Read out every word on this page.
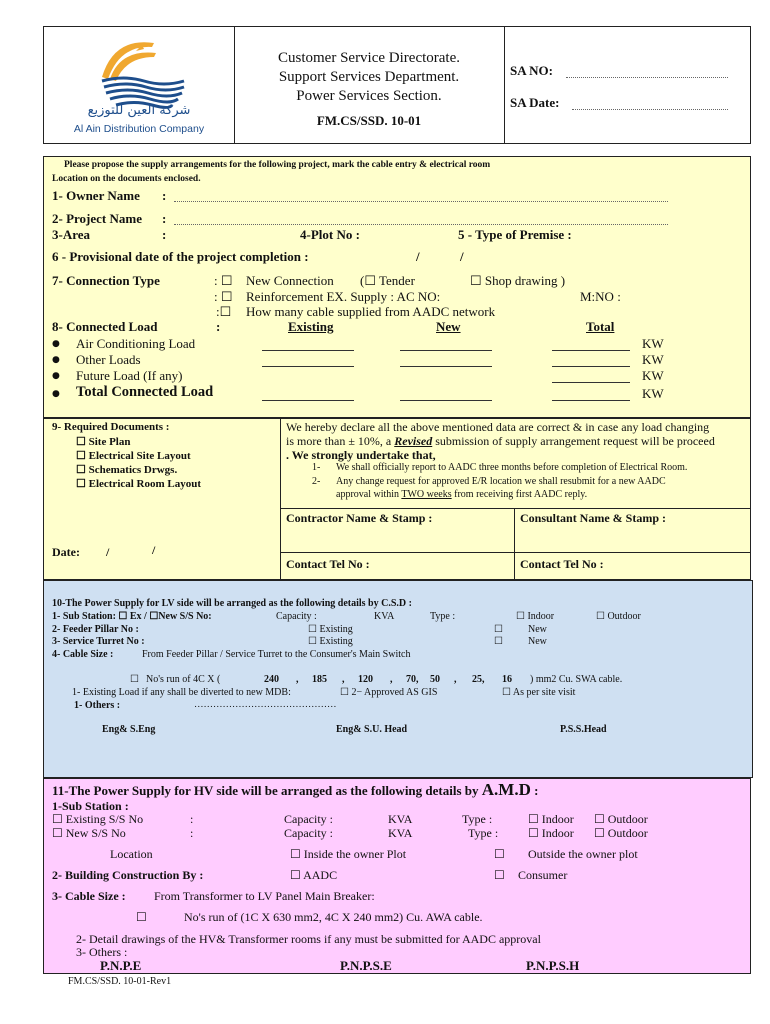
شركة العين للتوزيع
Al Ain Distribution Company
Customer Service Directorate.
Support Services Department.
Power Services Section.
FM.CS/SSD. 10-01
SA NO:
SA Date:
Please propose the supply arrangements for the following project, mark the cable entry & electrical room
Location on the documents enclosed.
1- Owner Name :
2- Project Name :
3-Area	:	4-Plot No :	5 - Type of Premise :
6 - Provisional date of the project completion :	/	/
7- Connection Type	: ☐ New Connection (☐ Tender	☐ Shop drawing )
: ☐ Reinforcement EX. Supply : AC NO:	M:NO :
:☐ How many cable supplied from AADC network
8- Connected Load	:	Existing	New	Total
● Air Conditioning Load	KW
● Other Loads	KW
● Future Load (If any)	KW
● Total Connected Load	KW
9- Required Documents :
☐ Site Plan
☐ Electrical Site Layout
☐ Schematics Drwgs.
☐ Electrical Room Layout
We hereby declare all the above mentioned data are correct & in case any load changing
is more than ± 10%, a Revised submission of supply arrangement request will be proceed
. We strongly undertake that,
1- We shall officially report to AADC three months before completion of Electrical Room.
2- Any change request for approved E/R location we shall resubmit for a new AADC
approval within TWO weeks from receiving first AADC reply.
Contractor Name & Stamp :	Consultant Name & Stamp :
Date: /	/
Contact Tel No :	Contact Tel No :
10-The Power Supply for LV side will be arranged as the following details by C.S.D :
1- Sub Station: ☐ Ex / ☐New S/S No:	Capacity :	KVA	Type :	☐ Indoor	☐ Outdoor
2- Feeder Pillar No :	☐ Existing	☐	New
3- Service Turret No :	☐ Existing	☐	New
4- Cable Size :	From Feeder Pillar / Service Turret to the Consumer's Main Switch
☐ No's run of 4C X (	240 , 185 , 120 , 70, 50 , 25, 16 ) mm2 Cu. SWA cable.
1- Existing Load if any shall be diverted to new MDB:	☐ 2− Approved AS GIS	☐ As per site visit
1- Others :	………………………………………
Eng& S.Eng	Eng& S.U. Head	P.S.S.Head
11-The Power Supply for HV side will be arranged as the following details by A.M.D :
1-Sub Station :
☐ Existing S/S No	:	Capacity :	KVA	Type :	☐ Indoor ☐ Outdoor
☐ New S/S No	:	Capacity :	KVA	Type : ☐ Indoor ☐ Outdoor
Location	☐ Inside the owner Plot	☐ Outside the owner plot
2- Building Construction By :	☐ AADC	☐ Consumer
3- Cable Size : From Transformer to LV Panel Main Breaker:
☐	No's run of (1C X 630 mm2, 4C X 240 mm2) Cu. AWA cable.
2- Detail drawings of the HV& Transformer rooms if any must be submitted for AADC approval
3- Others :
P.N.P.E	P.N.P.S.E	P.N.P.S.H
FM.CS/SSD. 10-01-Rev1
